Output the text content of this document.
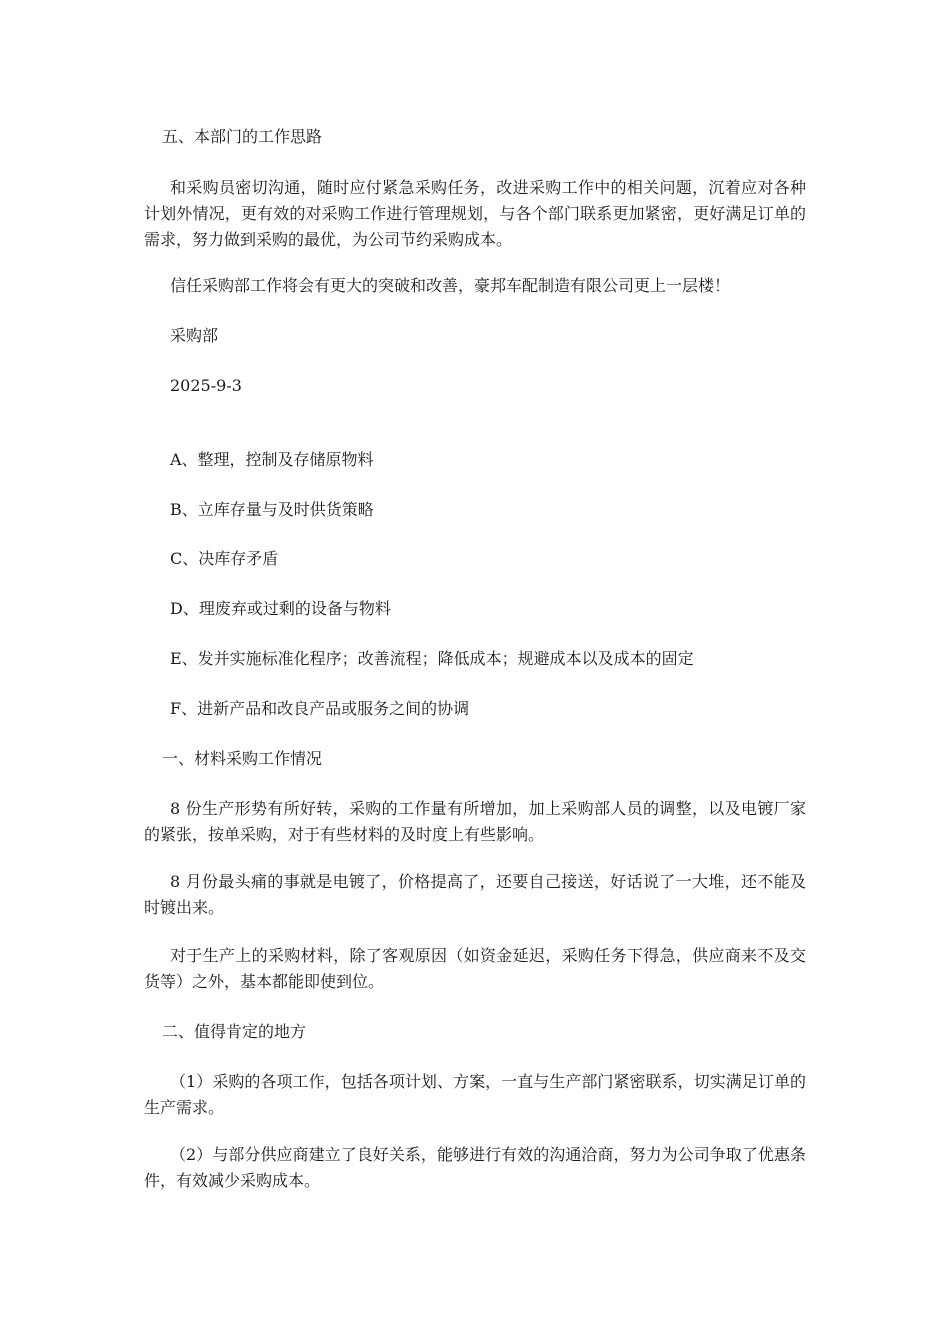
五、本部门的工作思路

和采购员密切沟通，随时应付紧急采购任务，改进采购工作中的相关问题，沉着应对各种计划外情况，更有效的对采购工作进行管理规划，与各个部门联系更加紧密，更好满足订单的需求，努力做到采购的最优，为公司节约采购成本。

信任采购部工作将会有更大的突破和改善，豪邦车配制造有限公司更上一层楼！

采购部

2025-9-3

A、整理，控制及存储原物料

B、立库存量与及时供货策略

C、决库存矛盾

D、理废弃或过剩的设备与物料

E、发并实施标准化程序；改善流程；降低成本；规避成本以及成本的固定

F、进新产品和改良产品或服务之间的协调

一、材料采购工作情况

8 份生产形势有所好转，采购的工作量有所增加，加上采购部人员的调整，以及电镀厂家的紧张，按单采购，对于有些材料的及时度上有些影响。

8 月份最头痛的事就是电镀了，价格提高了，还要自己接送，好话说了一大堆，还不能及时镀出来。

对于生产上的采购材料，除了客观原因（如资金延迟，采购任务下得急，供应商来不及交货等）之外，基本都能即使到位。

二、值得肯定的地方

（1）采购的各项工作，包括各项计划、方案，一直与生产部门紧密联系，切实满足订单的生产需求。

（2）与部分供应商建立了良好关系，能够进行有效的沟通洽商，努力为公司争取了优惠条件，有效减少采购成本。
